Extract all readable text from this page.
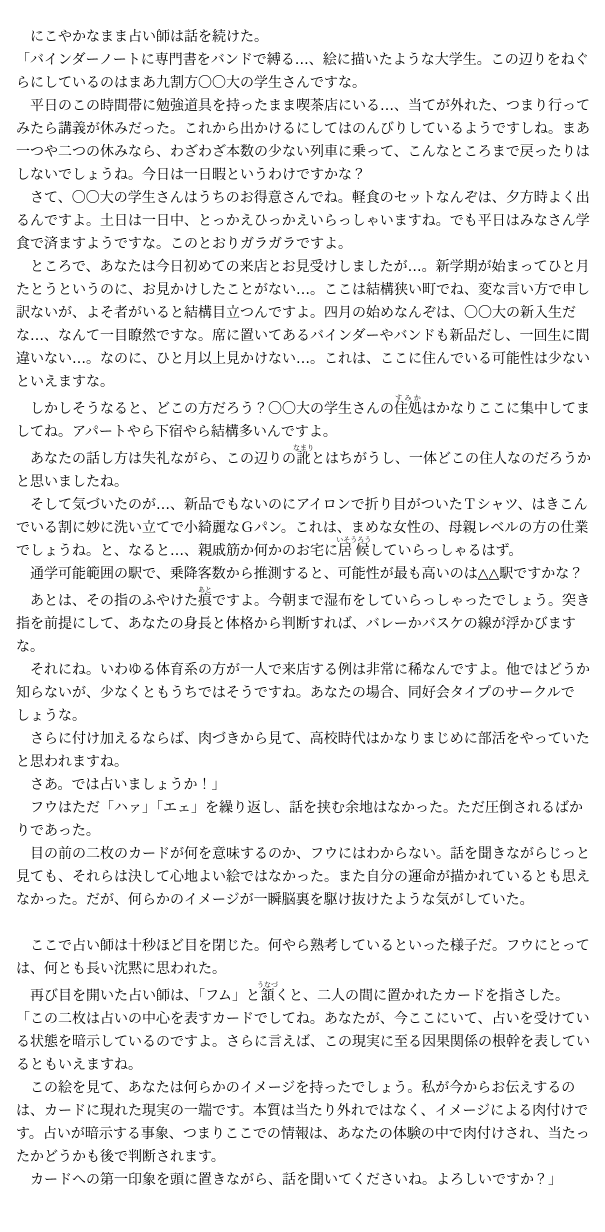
　にこやかなまま占い師は話を続けた。

「バインダーノートに専門書をバンドで縛る…、絵に描いたような大学生。この辺りをねぐらにしているのはまあ九割方〇〇大の学生さんですな。

　平日のこの時間帯に勉強道具を持ったまま喫茶店にいる…、当てが外れた、つまり行ってみたら講義が休みだった。これから出かけるにしてはのんびりしているようですしね。まあ一つや二つの休みなら、わざわざ本数の少ない列車に乗って、こんなところまで戻ったりはしないでしょうね。今日は一日暇というわけですかな？

　さて、〇〇大の学生さんはうちのお得意さんでね。軽食のセットなんぞは、夕方時よく出るんですよ。土日は一日中、とっかえひっかえいらっしゃいますね。でも平日はみなさん学食で済ますようですな。このとおりガラガラですよ。

　ところで、あなたは今日初めての来店とお見受けしましたが…。新学期が始まってひと月たとうというのに、お見かけしたことがない…。ここは結構狭い町でね、変な言い方で申し訳ないが、よそ者がいると結構目立つんですよ。四月の始めなんぞは、〇〇大の新入生だな…、なんて一目瞭然ですな。席に置いてあるバインダーやバンドも新品だし、一回生に間違いない…。なのに、ひと月以上見かけない…。これは、ここに住んでいる可能性は少ないといえますな。

　しかしそうなると、どこの方だろう？〇〇大の学生さんの住処すみかはかなりここに集中してましてね。アパートやら下宿やら結構多いんですよ。

　あなたの話し方は失礼ながら、この辺りの訛なまりとはちがうし、一体どこの住人なのだろうかと思いましたね。

　そして気づいたのが…、新品でもないのにアイロンで折り目がついたＴシャツ、はきこんでいる割に妙に洗い立てで小綺麗なＧパン。これは、まめな女性の、母親レベルの方の仕業でしょうね。と、なると…、親戚筋か何かのお宅に居候いそうろうしていらっしゃるはず。

　通学可能範囲の駅で、乗降客数から推測すると、可能性が最も高いのは△△駅ですかな？

　あとは、その指のふやけた痕あとですよ。今朝まで湿布をしていらっしゃったでしょう。突き指を前提にして、あなたの身長と体格から判断すれば、バレーかバスケの線が浮かびますな。

　それにね。いわゆる体育系の方が一人で来店する例は非常に稀なんですよ。他ではどうか知らないが、少なくともうちではそうですね。あなたの場合、同好会タイプのサークルでしょうな。

　さらに付け加えるならば、肉づきから見て、高校時代はかなりまじめに部活をやっていたと思われますね。

　さあ。では占いましょうか！」

　フウはただ「ハァ」「エェ」を繰り返し、話を挟む余地はなかった。ただ圧倒されるばかりであった。

　目の前の二枚のカードが何を意味するのか、フウにはわからない。話を聞きながらじっと見ても、それらは決して心地よい絵ではなかった。また自分の運命が描かれているとも思えなかった。だが、何らかのイメージが一瞬脳裏を駆け抜けたような気がしていた。

　ここで占い師は十秒ほど目を閉じた。何やら熟考しているといった様子だ。フウにとっては、何とも長い沈黙に思われた。

　再び目を開いた占い師は、「フム」と頷うなづくと、二人の間に置かれたカードを指さした。

「この二枚は占いの中心を表すカードでしてね。あなたが、今ここにいて、占いを受けている状態を暗示しているのですよ。さらに言えば、この現実に至る因果関係の根幹を表しているともいえますね。

　この絵を見て、あなたは何らかのイメージを持ったでしょう。私が今からお伝えするのは、カードに現れた現実の一端です。本質は当たり外れではなく、イメージによる肉付けです。占いが暗示する事象、つまりここでの情報は、あなたの体験の中で肉付けされ、当たったかどうかも後で判断されます。

　カードへの第一印象を頭に置きながら、話を聞いてくださいね。よろしいですか？」
